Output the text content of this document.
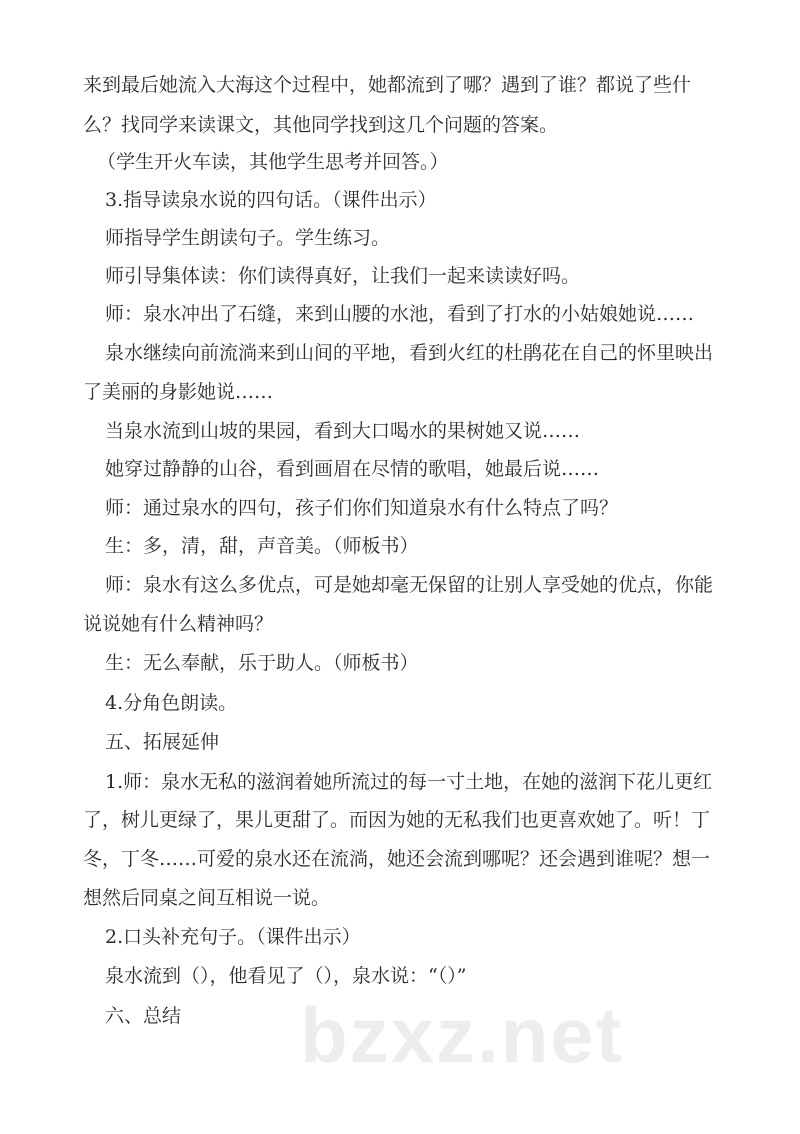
来到最后她流入大海这个过程中，她都流到了哪？遇到了谁？都说了些什
么？找同学来读课文，其他同学找到这几个问题的答案。
（学生开火车读，其他学生思考并回答。）
3.指导读泉水说的四句话。（课件出示）
师指导学生朗读句子。学生练习。
师引导集体读：你们读得真好，让我们一起来读读好吗。
师：泉水冲出了石缝，来到山腰的水池，看到了打水的小姑娘她说……
泉水继续向前流淌来到山间的平地，看到火红的杜鹃花在自己的怀里映出
了美丽的身影她说……
当泉水流到山坡的果园，看到大口喝水的果树她又说……
她穿过静静的山谷，看到画眉在尽情的歌唱，她最后说……
师：通过泉水的四句，孩子们你们知道泉水有什么特点了吗？
生：多，清，甜，声音美。（师板书）
师：泉水有这么多优点，可是她却毫无保留的让别人享受她的优点，你能
说说她有什么精神吗？
生：无么奉献，乐于助人。（师板书）
4.分角色朗读。
五、拓展延伸
1.师：泉水无私的滋润着她所流过的每一寸土地，在她的滋润下花儿更红
了，树儿更绿了，果儿更甜了。而因为她的无私我们也更喜欢她了。听！丁
冬，丁冬……可爱的泉水还在流淌，她还会流到哪呢？还会遇到谁呢？想一
想然后同桌之间互相说一说。
2.口头补充句子。（课件出示）
泉水流到（），他看见了（），泉水说：“（）”
六、总结 bzxz.net
